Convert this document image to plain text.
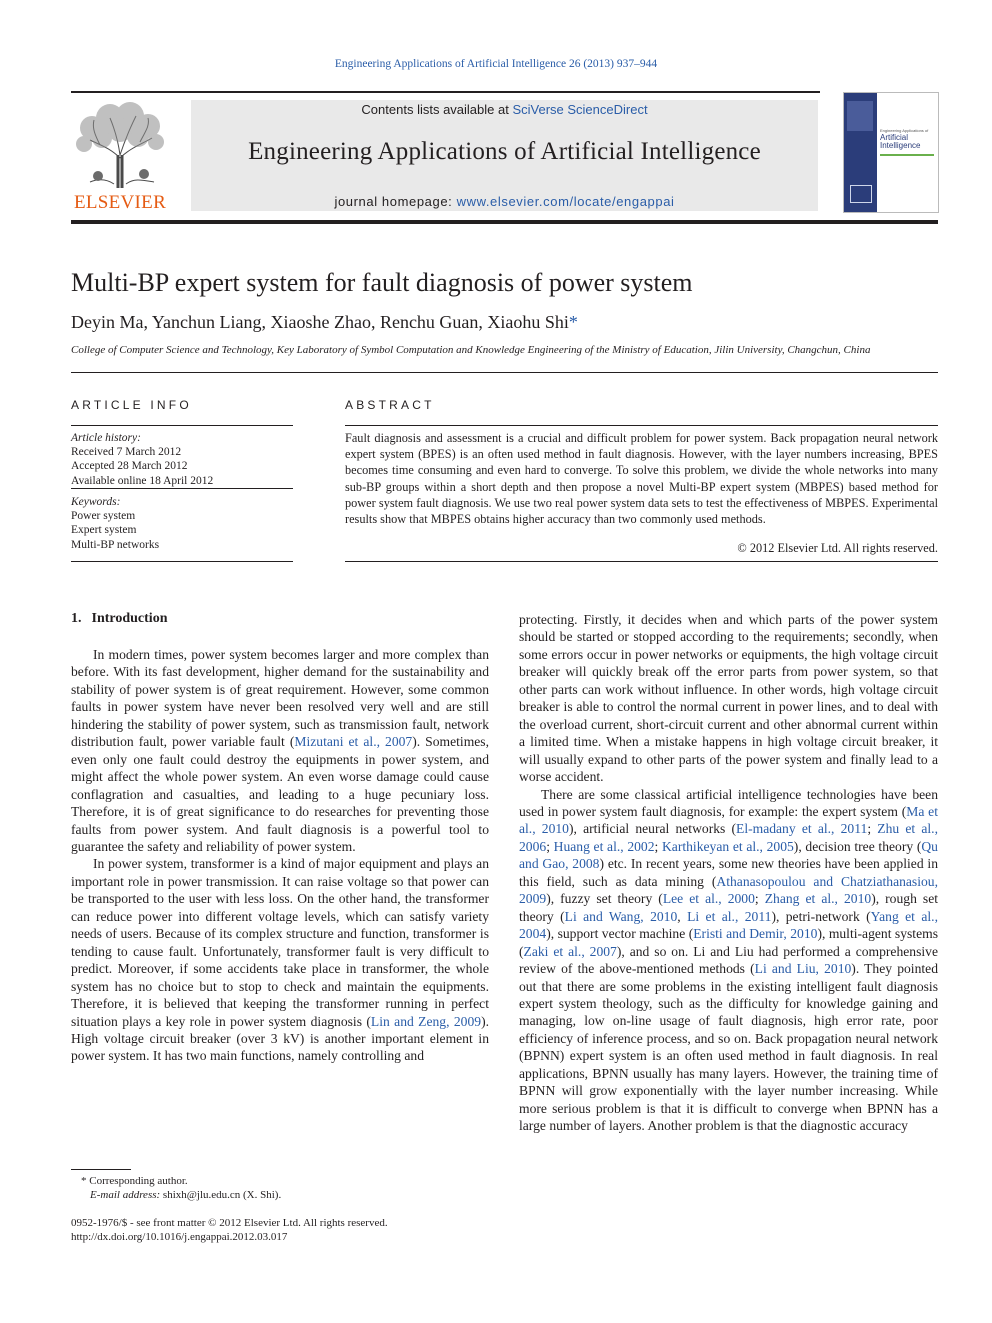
Engineering Applications of Artificial Intelligence 26 (2013) 937–944
ELSEVIER
Contents lists available at SciVerse ScienceDirect
Engineering Applications of Artificial Intelligence
journal homepage: www.elsevier.com/locate/engappai
Engineering Applications of
Artificial
Intelligence
Multi-BP expert system for fault diagnosis of power system
Deyin Ma, Yanchun Liang, Xiaoshe Zhao, Renchu Guan, Xiaohu Shi*
College of Computer Science and Technology, Key Laboratory of Symbol Computation and Knowledge Engineering of the Ministry of Education, Jilin University, Changchun, China
ARTICLE INFO	ABSTRACT
Article history:
Received 7 March 2012
Accepted 28 March 2012
Available online 18 April 2012
Keywords:
Power system
Expert system
Multi-BP networks
Fault diagnosis and assessment is a crucial and difficult problem for power system. Back propagation neural network expert system (BPES) is an often used method in fault diagnosis. However, with the layer numbers increasing, BPES becomes time consuming and even hard to converge. To solve this problem, we divide the whole networks into many sub-BP groups within a short depth and then propose a novel Multi-BP expert system (MBPES) based method for power system fault diagnosis. We use two real power system data sets to test the effectiveness of MBPES. Experimental results show that MBPES obtains higher accuracy than two commonly used methods.
© 2012 Elsevier Ltd. All rights reserved.
1. Introduction

In modern times, power system becomes larger and more complex than before. With its fast development, higher demand for the sustainability and stability of power system is of great requirement. However, some common faults in power system have never been resolved very well and are still hindering the stability of power system, such as transmission fault, network distribution fault, power variable fault (Mizutani et al., 2007). Sometimes, even only one fault could destroy the equipments in power system, and might affect the whole power system. An even worse damage could cause conflagration and casualties, and leading to a huge pecuniary loss. Therefore, it is of great significance to do researches for preventing those faults from power system. And fault diagnosis is a powerful tool to guarantee the safety and reliability of power system.

In power system, transformer is a kind of major equipment and plays an important role in power transmission. It can raise voltage so that power can be transported to the user with less loss. On the other hand, the transformer can reduce power into different voltage levels, which can satisfy variety needs of users. Because of its complex structure and function, transformer is tending to cause fault. Unfortunately, transformer fault is very difficult to predict. Moreover, if some accidents take place in transformer, the whole system has no choice but to stop to check and maintain the equipments. Therefore, it is believed that keeping the transformer running in perfect situation plays a key role in power system diagnosis (Lin and Zeng, 2009). High voltage circuit breaker (over 3 kV) is another important element in power system. It has two main functions, namely controlling and

protecting. Firstly, it decides when and which parts of the power system should be started or stopped according to the requirements; secondly, when some errors occur in power networks or equipments, the high voltage circuit breaker will quickly break off the error parts from power system, so that other parts can work without influence. In other words, high voltage circuit breaker is able to control the normal current in power lines, and to deal with the overload current, short-circuit current and other abnormal current within a limited time. When a mistake happens in high voltage circuit breaker, it will usually expand to other parts of the power system and finally lead to a worse accident.

There are some classical artificial intelligence technologies have been used in power system fault diagnosis, for example: the expert system (Ma et al., 2010), artificial neural networks (El-madany et al., 2011; Zhu et al., 2006; Huang et al., 2002; Karthikeyan et al., 2005), decision tree theory (Qu and Gao, 2008) etc. In recent years, some new theories have been applied in this field, such as data mining (Athanasopoulou and Chatziathanasiou, 2009), fuzzy set theory (Lee et al., 2000; Zhang et al., 2010), rough set theory (Li and Wang, 2010, Li et al., 2011), petri-network (Yang et al., 2004), support vector machine (Eristi and Demir, 2010), multi-agent systems (Zaki et al., 2007), and so on. Li and Liu had performed a comprehensive review of the above-mentioned methods (Li and Liu, 2010). They pointed out that there are some problems in the existing intelligent fault diagnosis expert system theology, such as the difficulty for knowledge gaining and managing, low on-line usage of fault diagnosis, high error rate, poor efficiency of inference process, and so on. Back propagation neural network (BPNN) expert system is an often used method in fault diagnosis. In real applications, BPNN usually has many layers. However, the training time of BPNN will grow exponentially with the layer number increasing. While more serious problem is that it is difficult to converge when BPNN has a large number of layers. Another problem is that the diagnostic accuracy

* Corresponding author.
E-mail address: shixh@jlu.edu.cn (X. Shi).
0952-1976/$ - see front matter © 2012 Elsevier Ltd. All rights reserved.
http://dx.doi.org/10.1016/j.engappai.2012.03.017
